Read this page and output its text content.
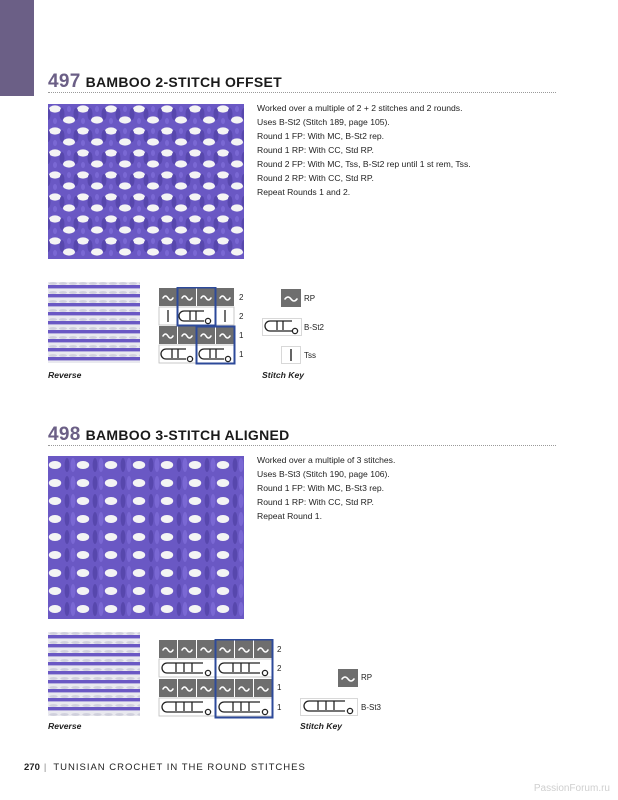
497 BAMBOO 2-STITCH OFFSET
Worked over a multiple of 2 + 2 stitches and 2 rounds.
Uses B-St2 (Stitch 189, page 105).
Round 1 FP: With MC, B-St2 rep.
Round 1 RP: With CC, Std RP.
Round 2 FP: With MC, Tss, B-St2 rep until 1 st rem, Tss.
Round 2 RP: With CC, Std RP.
Repeat Rounds 1 and 2.
Reverse
2
2
1
1
RP
B-St2
Tss
Stitch Key
498 BAMBOO 3-STITCH ALIGNED
Worked over a multiple of 3 stitches.
Uses B-St3 (Stitch 190, page 106).
Round 1 FP: With MC, B-St3 rep.
Round 1 RP: With CC, Std RP.
Repeat Round 1.
Reverse
2
2
1
1
RP
B-St3
Stitch Key
270 | TUNISIAN CROCHET IN THE ROUND STITCHES
PassionForum.ru
